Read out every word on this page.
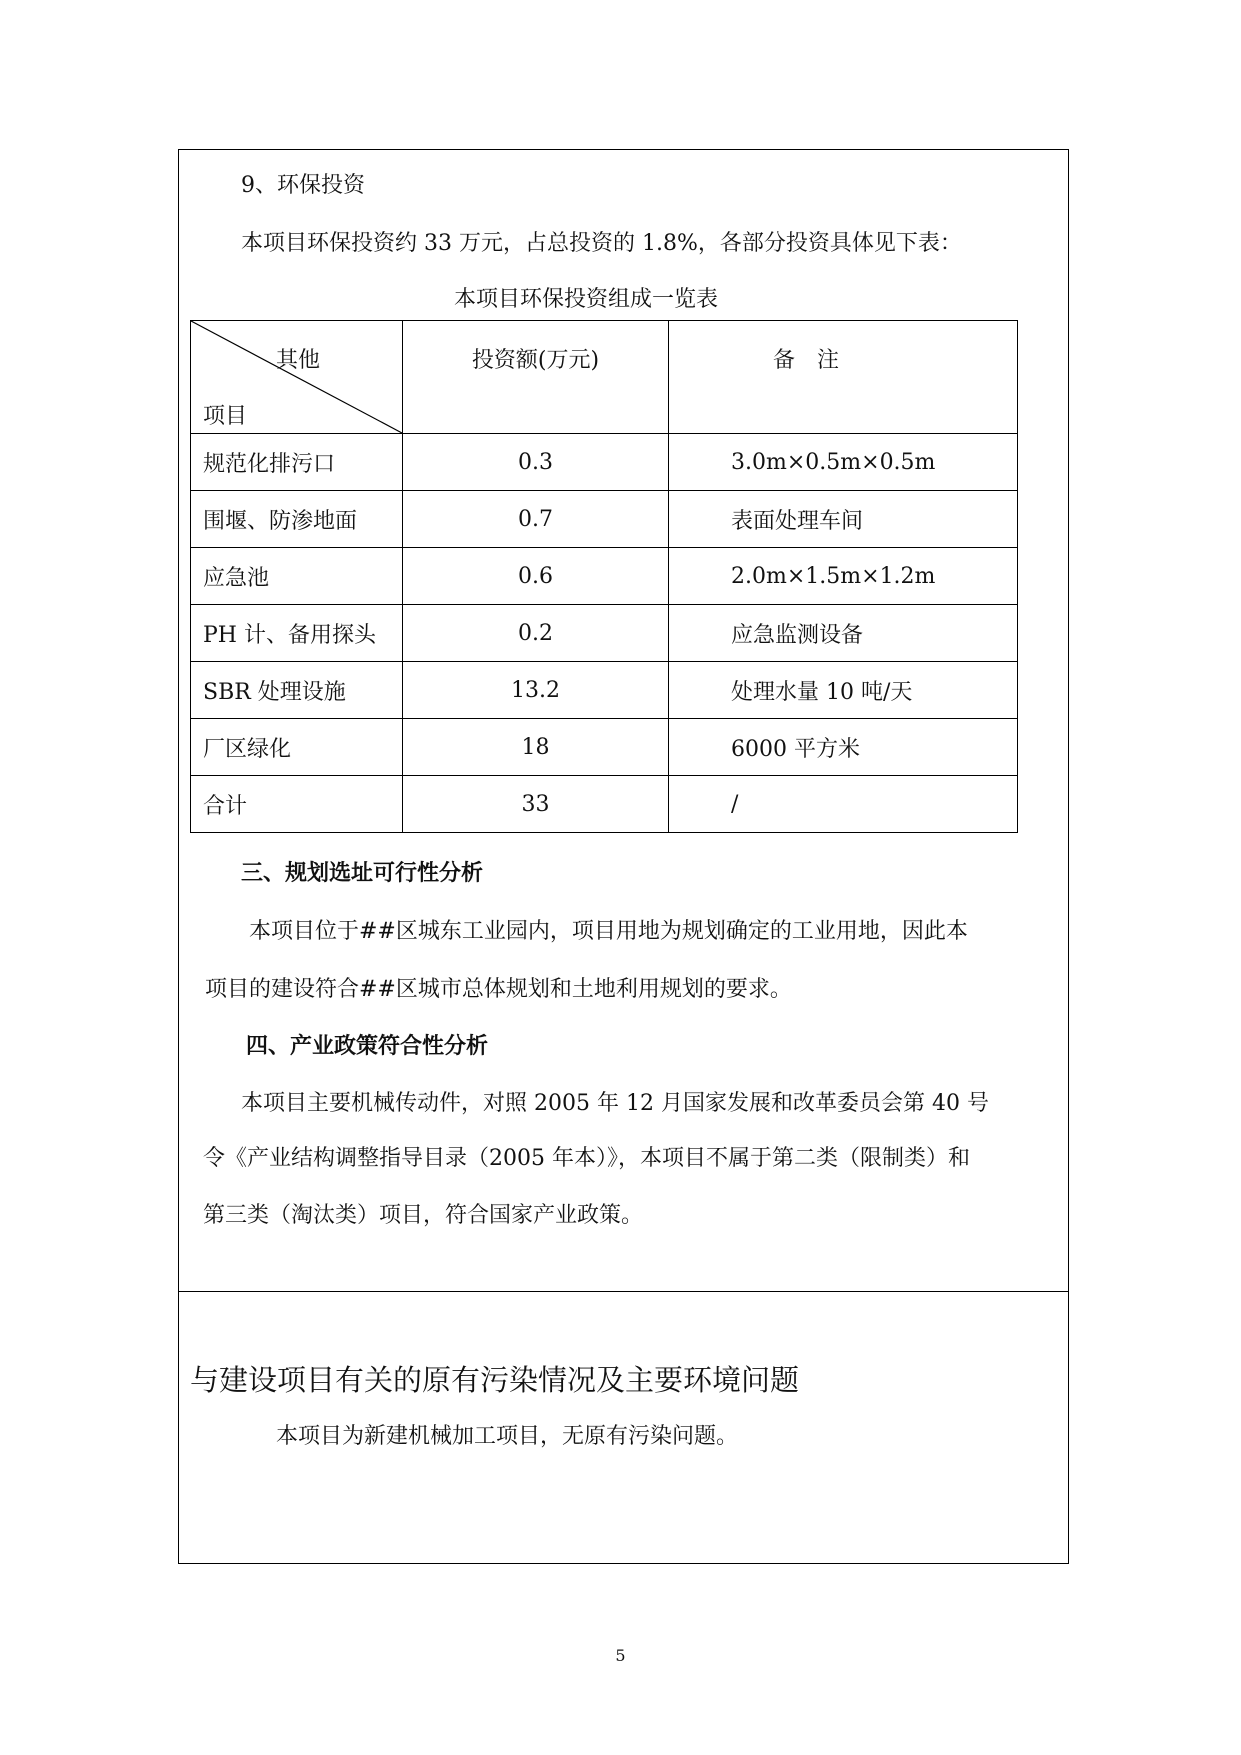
9、环保投资
本项目环保投资约 33 万元，占总投资的 1.8%，各部分投资具体见下表：
本项目环保投资组成一览表
其他
项目	投资额(万元)	备　注

规范化排污口	0.3	3.0m×0.5m×0.5m
围堰、防渗地面	0.7	表面处理车间
应急池	0.6	2.0m×1.5m×1.2m
PH 计、备用探头	0.2	应急监测设备
SBR 处理设施	13.2	处理水量 10 吨/天
厂区绿化	18	6000 平方米
合计	33	/
三、规划选址可行性分析
本项目位于##区城东工业园内，项目用地为规划确定的工业用地，因此本
项目的建设符合##区城市总体规划和土地利用规划的要求。
四、产业政策符合性分析
本项目主要机械传动件，对照 2005 年 12 月国家发展和改革委员会第 40 号
令《产业结构调整指导目录（2005 年本）》，本项目不属于第二类（限制类）和
第三类（淘汰类）项目，符合国家产业政策。
与建设项目有关的原有污染情况及主要环境问题
本项目为新建机械加工项目，无原有污染问题。
5
